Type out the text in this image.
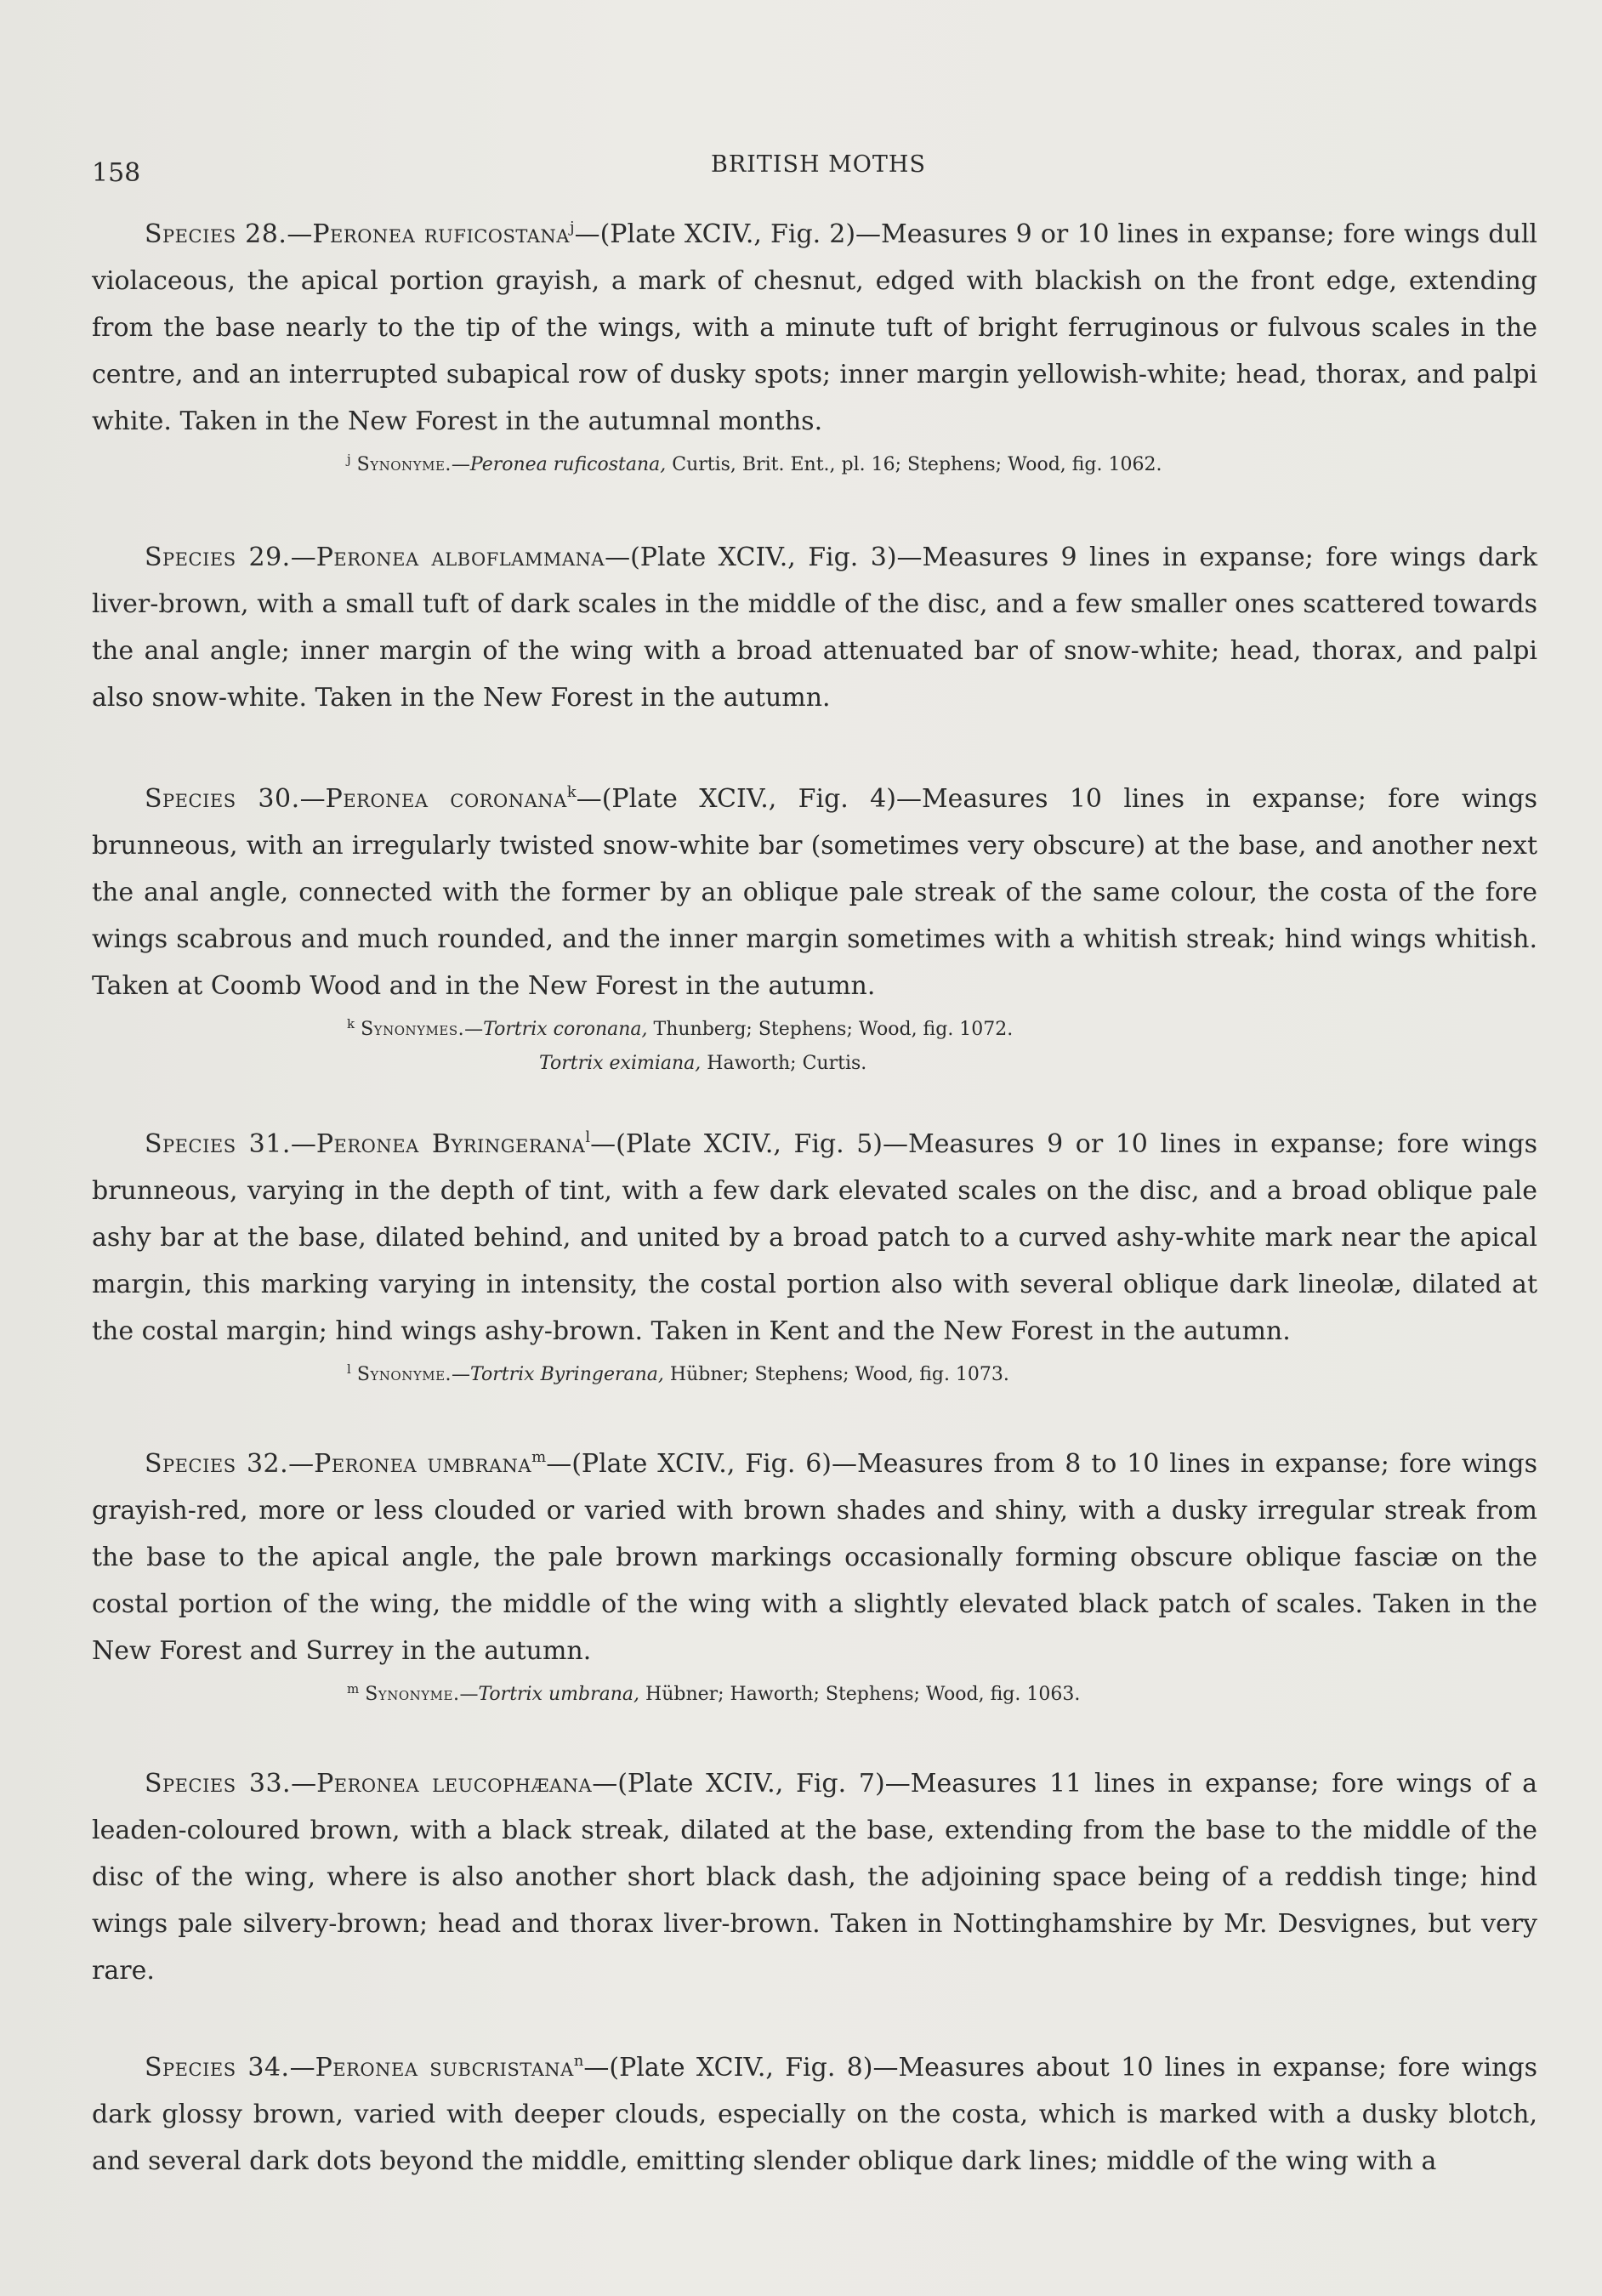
158	BRITISH MOTHS

Species 28.—Peronea ruficostana$^j$—(Plate XCIV., Fig. 2)—Measures 9 or 10 lines in expanse; fore wings dull violaceous, the apical portion grayish, a mark of chesnut, edged with blackish on the front edge, extending from the base nearly to the tip of the wings, with a minute tuft of bright ferruginous or fulvous scales in the centre, and an interrupted subapical row of dusky spots; inner margin yellowish-white; head, thorax, and palpi white. Taken in the New Forest in the autumnal months.

$^j$ Synonyme.—Peronea ruficostana, Curtis, Brit. Ent., pl. 16; Stephens; Wood, fig. 1062.

Species 29.—Peronea alboflammana—(Plate XCIV., Fig. 3)—Measures 9 lines in expanse; fore wings dark liver-brown, with a small tuft of dark scales in the middle of the disc, and a few smaller ones scattered towards the anal angle; inner margin of the wing with a broad attenuated bar of snow-white; head, thorax, and palpi also snow-white. Taken in the New Forest in the autumn.

Species 30.—Peronea coronana$^k$—(Plate XCIV., Fig. 4)—Measures 10 lines in expanse; fore wings brunneous, with an irregularly twisted snow-white bar (sometimes very obscure) at the base, and another next the anal angle, connected with the former by an oblique pale streak of the same colour, the costa of the fore wings scabrous and much rounded, and the inner margin sometimes with a whitish streak; hind wings whitish. Taken at Coomb Wood and in the New Forest in the autumn.

$^k$ Synonymes.—Tortrix coronana, Thunberg; Stephens; Wood, fig. 1072.
Tortrix eximiana, Haworth; Curtis.

Species 31.—Peronea Byringerana$^l$—(Plate XCIV., Fig. 5)—Measures 9 or 10 lines in expanse; fore wings brunneous, varying in the depth of tint, with a few dark elevated scales on the disc, and a broad oblique pale ashy bar at the base, dilated behind, and united by a broad patch to a curved ashy-white mark near the apical margin, this marking varying in intensity, the costal portion also with several oblique dark lineolæ, dilated at the costal margin; hind wings ashy-brown. Taken in Kent and the New Forest in the autumn.

$^l$ Synonyme.—Tortrix Byringerana, Hübner; Stephens; Wood, fig. 1073.

Species 32.—Peronea umbrana$^m$—(Plate XCIV., Fig. 6)—Measures from 8 to 10 lines in expanse; fore wings grayish-red, more or less clouded or varied with brown shades and shiny, with a dusky irregular streak from the base to the apical angle, the pale brown markings occasionally forming obscure oblique fasciæ on the costal portion of the wing, the middle of the wing with a slightly elevated black patch of scales. Taken in the New Forest and Surrey in the autumn.

$^m$ Synonyme.—Tortrix umbrana, Hübner; Haworth; Stephens; Wood, fig. 1063.

Species 33.—Peronea leucophæana—(Plate XCIV., Fig. 7)—Measures 11 lines in expanse; fore wings of a leaden-coloured brown, with a black streak, dilated at the base, extending from the base to the middle of the disc of the wing, where is also another short black dash, the adjoining space being of a reddish tinge; hind wings pale silvery-brown; head and thorax liver-brown. Taken in Nottinghamshire by Mr. Desvignes, but very rare.

Species 34.—Peronea subcristana$^n$—(Plate XCIV., Fig. 8)—Measures about 10 lines in expanse; fore wings dark glossy brown, varied with deeper clouds, especially on the costa, which is marked with a dusky blotch, and several dark dots beyond the middle, emitting slender oblique dark lines; middle of the wing with a
